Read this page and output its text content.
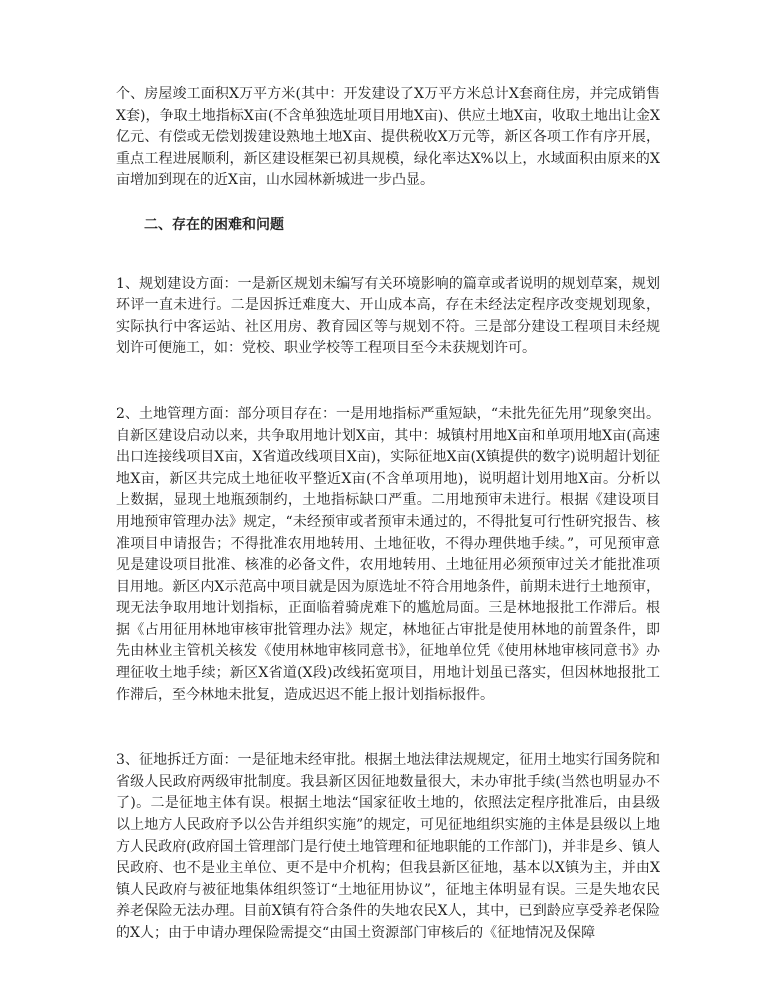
个、房屋竣工面积X万平方米(其中：开发建设了X万平方米总计X套商住房，并完成销售X套)，争取土地指标X亩(不含单独选址项目用地X亩)、供应土地X亩，收取土地出让金X亿元、有偿或无偿划拨建设熟地土地X亩、提供税收X万元等，新区各项工作有序开展，重点工程进展顺利，新区建设框架已初具规模，绿化率达X%以上，水域面积由原来的X亩增加到现在的近X亩，山水园林新城进一步凸显。

二、存在的困难和问题

1、规划建设方面：一是新区规划未编写有关环境影响的篇章或者说明的规划草案，规划环评一直未进行。二是因拆迁难度大、开山成本高，存在未经法定程序改变规划现象，实际执行中客运站、社区用房、教育园区等与规划不符。三是部分建设工程项目未经规划许可便施工，如：党校、职业学校等工程项目至今未获规划许可。

2、土地管理方面：部分项目存在：一是用地指标严重短缺，“未批先征先用”现象突出。自新区建设启动以来，共争取用地计划X亩，其中：城镇村用地X亩和单项用地X亩(高速出口连接线项目X亩，X省道改线项目X亩)，实际征地X亩(X镇提供的数字)说明超计划征地X亩，新区共完成土地征收平整近X亩(不含单项用地)，说明超计划用地X亩。分析以上数据，显现土地瓶颈制约，土地指标缺口严重。二用地预审未进行。根据《建设项目用地预审管理办法》规定，“未经预审或者预审未通过的，不得批复可行性研究报告、核准项目申请报告；不得批准农用地转用、土地征收，不得办理供地手续。”，可见预审意见是建设项目批准、核准的必备文件，农用地转用、土地征用必须预审过关才能批准项目用地。新区内X示范高中项目就是因为原选址不符合用地条件，前期未进行土地预审，现无法争取用地计划指标，正面临着骑虎难下的尴尬局面。三是林地报批工作滞后。根据《占用征用林地审核审批管理办法》规定，林地征占审批是使用林地的前置条件，即先由林业主管机关核发《使用林地审核同意书》，征地单位凭《使用林地审核同意书》办理征收土地手续；新区X省道(X段)改线拓宽项目，用地计划虽已落实，但因林地报批工作滞后，至今林地未批复，造成迟迟不能上报计划指标报件。

3、征地拆迁方面：一是征地未经审批。根据土地法律法规规定，征用土地实行国务院和省级人民政府两级审批制度。我县新区因征地数量很大，未办审批手续(当然也明显办不了)。二是征地主体有误。根据土地法“国家征收土地的，依照法定程序批准后，由县级以上地方人民政府予以公告并组织实施”的规定，可见征地组织实施的主体是县级以上地方人民政府(政府国土管理部门是行使土地管理和征地职能的工作部门)，并非是乡、镇人民政府、也不是业主单位、更不是中介机构；但我县新区征地，基本以X镇为主，并由X镇人民政府与被征地集体组织签订“土地征用协议”，征地主体明显有误。三是失地农民养老保险无法办理。目前X镇有符合条件的失地农民X人，其中，已到龄应享受养老保险的X人；由于申请办理保险需提交“由国土资源部门审核后的《征地情况及保障
